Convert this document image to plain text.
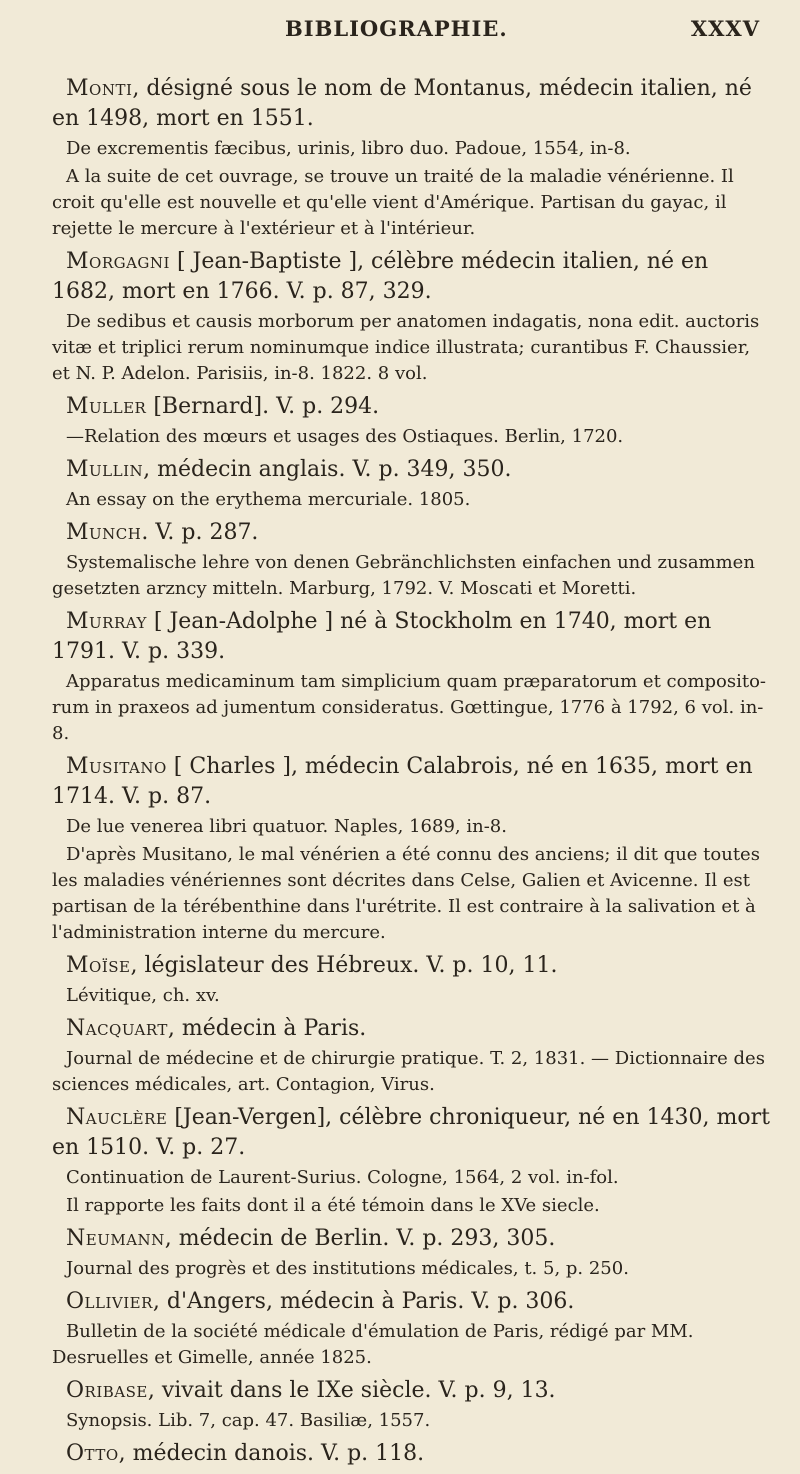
BIBLIOGRAPHIE.	XXXV

Monti, désigné sous le nom de Montanus, médecin italien, né en 1498, mort en 1551.

De excrementis fæcibus, urinis, libro duo. Padoue, 1554, in-8.

A la suite de cet ouvrage, se trouve un traité de la maladie vénérienne. Il croit qu'elle est nouvelle et qu'elle vient d'Amérique. Partisan du gayac, il rejette le mercure à l'extérieur et à l'intérieur.

Morgagni [ Jean-Baptiste ], célèbre médecin italien, né en 1682, mort en 1766. V. p. 87, 329.

De sedibus et causis morborum per anatomen indagatis, nona edit. auctoris vitæ et triplici rerum nominumque indice illustrata; curantibus F. Chaussier, et N. P. Adelon. Parisiis, in-8. 1822. 8 vol.

Muller [Bernard]. V. p. 294.

—Relation des mœurs et usages des Ostiaques. Berlin, 1720.

Mullin, médecin anglais. V. p. 349, 350.

An essay on the erythema mercuriale. 1805.

Munch. V. p. 287.

Systemalische lehre von denen Gebränchlichsten einfachen und zusammen gesetzten arzncy mitteln. Marburg, 1792. V. Moscati et Moretti.

Murray [ Jean-Adolphe ] né à Stockholm en 1740, mort en 1791. V. p. 339.

Apparatus medicaminum tam simplicium quam præparatorum et composito-rum in praxeos ad jumentum consideratus. Gœttingue, 1776 à 1792, 6 vol. in-8.

Musitano [ Charles ], médecin Calabrois, né en 1635, mort en 1714. V. p. 87.

De lue venerea libri quatuor. Naples, 1689, in-8.

D'après Musitano, le mal vénérien a été connu des anciens; il dit que toutes les maladies vénériennes sont décrites dans Celse, Galien et Avicenne. Il est partisan de la térébenthine dans l'urétrite. Il est contraire à la salivation et à l'administration interne du mercure.

Moïse, législateur des Hébreux. V. p. 10, 11.

Lévitique, ch. xv.

Nacquart, médecin à Paris.

Journal de médecine et de chirurgie pratique. T. 2, 1831. — Dictionnaire des sciences médicales, art. Contagion, Virus.

Nauclère [Jean-Vergen], célèbre chroniqueur, né en 1430, mort en 1510. V. p. 27.

Continuation de Laurent-Surius. Cologne, 1564, 2 vol. in-fol.

Il rapporte les faits dont il a été témoin dans le XVe siecle.

Neumann, médecin de Berlin. V. p. 293, 305.

Journal des progrès et des institutions médicales, t. 5, p. 250.

Ollivier, d'Angers, médecin à Paris. V. p. 306.

Bulletin de la société médicale d'émulation de Paris, rédigé par MM. Desruelles et Gimelle, année 1825.

Oribase, vivait dans le IXe siècle. V. p. 9, 13.

Synopsis. Lib. 7, cap. 47. Basiliæ, 1557.

Otto, médecin danois. V. p. 118.
